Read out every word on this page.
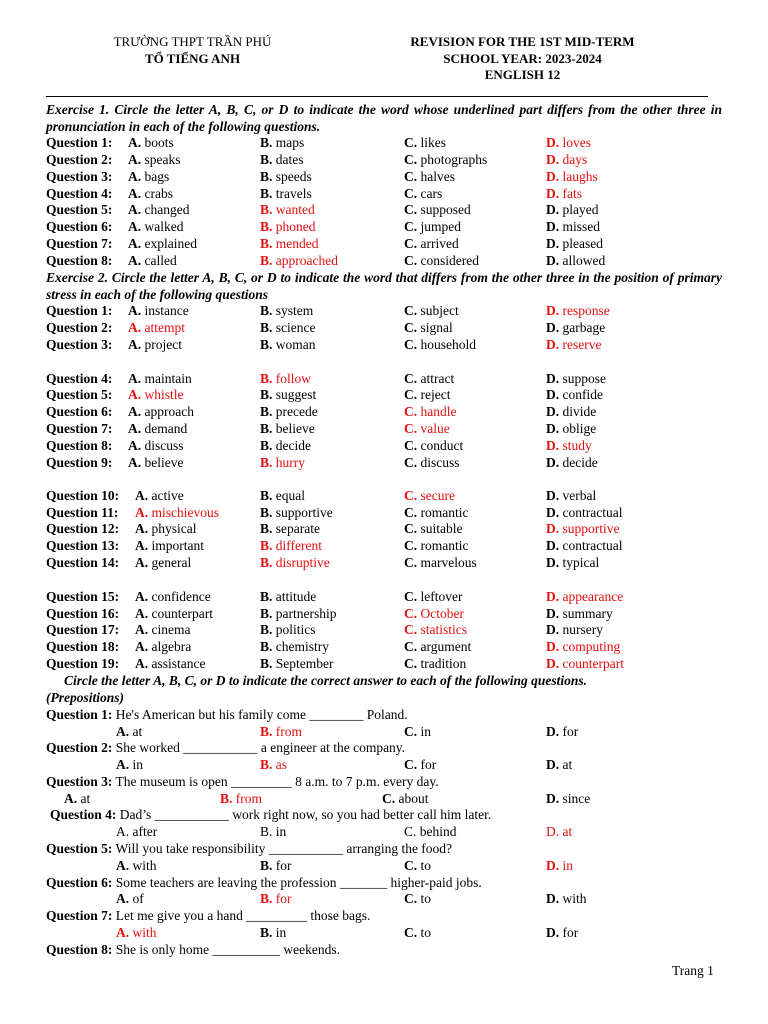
TRƯỜNG THPT TRẦN PHÚ
TỔ TIẾNG ANH
REVISION FOR THE 1ST MID-TERM
SCHOOL YEAR: 2023-2024
ENGLISH 12
Exercise 1. Circle the letter A, B, C, or D to indicate the word whose underlined part differs from the other three in pronunciation in each of the following questions.
Question 1: A. boots	B. maps	C. likes	D. loves
Question 2: A. speaks	B. dates	C. photographs	D. days
Question 3: A. bags	B. speeds	C. halves	D. laughs
Question 4: A. crabs	B. travels	C. cars	D. fats
Question 5: A. changed	B. wanted	C. supposed	D. played
Question 6: A. walked	B. phoned	C. jumped	D. missed
Question 7: A. explained	B. mended	C. arrived	D. pleased
Question 8: A. called	B. approached	C. considered	D. allowed
Exercise 2. Circle the letter A, B, C, or D to indicate the word that differs from the other three in the position of primary stress in each of the following questions
Question 1: A. instance	B. system	C. subject	D. response
Question 2: A. attempt	B. science	C. signal	D. garbage
Question 3: A. project	B. woman	C. household	D. reserve
Question 4: A. maintain	B. follow	C. attract	D. suppose
Question 5: A. whistle	B. suggest	C. reject	D. confide
Question 6: A. approach	B. precede	C. handle	D. divide
Question 7: A. demand	B. believe	C. value	D. oblige
Question 8: A. discuss	B. decide	C. conduct	D. study
Question 9: A. believe	B. hurry	C. discuss	D. decide
Question 10: A. active	B. equal	C. secure	D. verbal
Question 11: A. mischievous	B. supportive	C. romantic	D. contractual
Question 12: A. physical	B. separate	C. suitable	D. supportive
Question 13: A. important	B. different	C. romantic	D. contractual
Question 14: A. general	B. disruptive	C. marvelous	D. typical
Question 15: A. confidence	B. attitude	C. leftover	D. appearance
Question 16: A. counterpart	B. partnership	C. October	D. summary
Question 17: A. cinema	B. politics	C. statistics	D. nursery
Question 18: A. algebra	B. chemistry	C. argument	D. computing
Question 19: A. assistance	B. September	C. tradition	D. counterpart
Circle the letter A, B, C, or D to indicate the correct answer to each of the following questions.
(Prepositions)
Question 1: He's American but his family come ________ Poland.
A. at	B. from	C. in	D. for
Question 2: She worked ___________ a engineer at the company.
A. in	B. as	C. for	D. at
Question 3: The museum is open _________ 8 a.m. to 7 p.m. every day.
A. at	B. from	C. about	D. since
Question 4: Dad’s ___________ work right now, so you had better call him later.
A. after	B. in	C. behind	D. at
Question 5: Will you take responsibility ___________ arranging the food?
A. with	B. for	C. to	D. in
Question 6: Some teachers are leaving the profession _______ higher-paid jobs.
A. of	B. for	C. to	D. with
Question 7: Let me give you a hand _________ those bags.
A. with	B. in	C. to	D. for
Question 8: She is only home __________ weekends.
Trang 1
